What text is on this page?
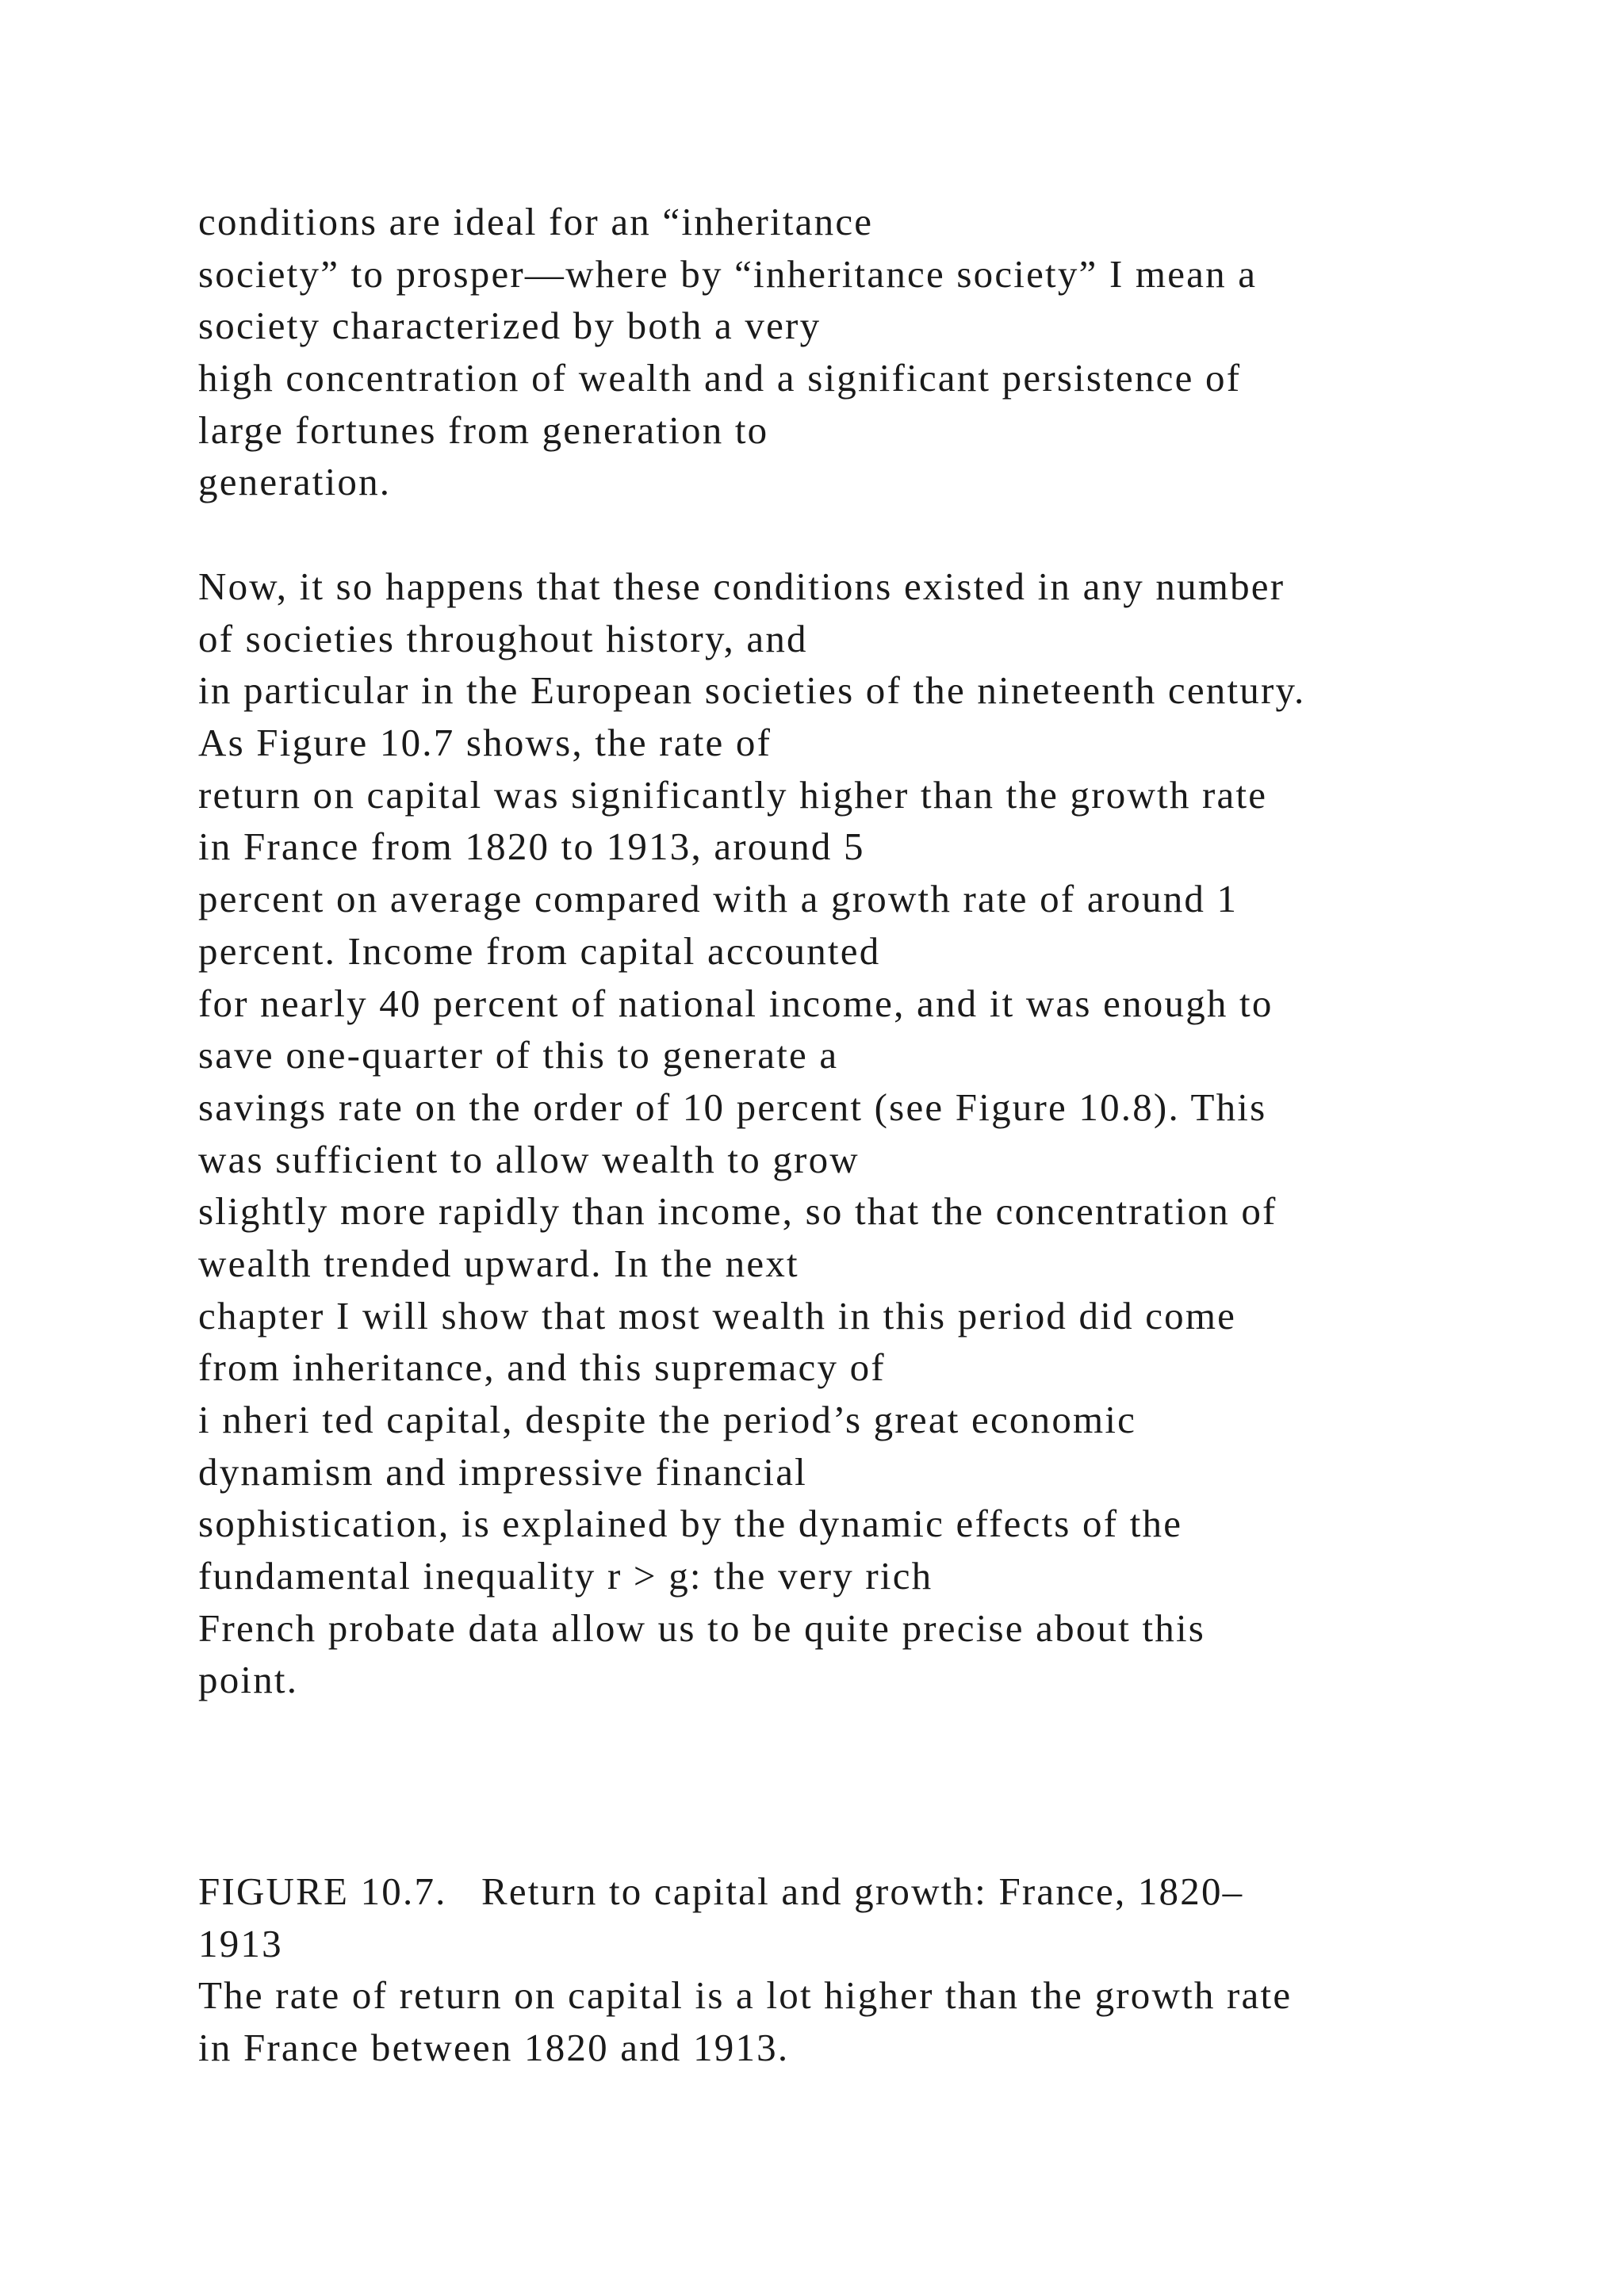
conditions are ideal for an “inheritance
society” to prosper—where by “inheritance society” I mean a
society characterized by both a very
high concentration of wealth and a significant persistence of
large fortunes from generation to
generation.
Now, it so happens that these conditions existed in any number
of societies throughout history, and
in particular in the European societies of the nineteenth century.
As Figure 10.7 shows, the rate of
return on capital was significantly higher than the growth rate
in France from 1820 to 1913, around 5
percent on average compared with a growth rate of around 1
percent. Income from capital accounted
for nearly 40 percent of national income, and it was enough to
save one-quarter of this to generate a
savings rate on the order of 10 percent (see Figure 10.8). This
was sufficient to allow wealth to grow
slightly more rapidly than income, so that the concentration of
wealth trended upward. In the next
chapter I will show that most wealth in this period did come
from inheritance, and this supremacy of
i nheri ted capital, despite the period’s great economic
dynamism and impressive financial
sophistication, is explained by the dynamic effects of the
fundamental inequality r > g: the very rich
French probate data allow us to be quite precise about this
point.
FIGURE 10.7.   Return to capital and growth: France, 1820–
1913
The rate of return on capital is a lot higher than the growth rate
in France between 1820 and 1913.
